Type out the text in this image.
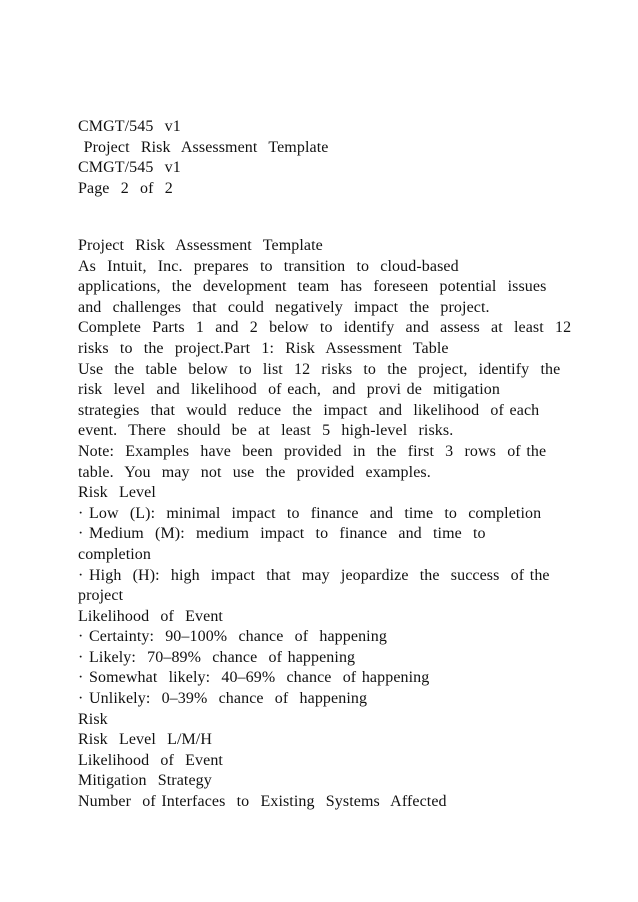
CMGT/545  v1
Project  Risk  Assessment  Template
CMGT/545  v1
Page  2  of  2
Project  Risk  Assessment  Template
As  Intuit,  Inc.  prepares  to  transition  to  cloud-based
applications,  the  development  team  has  foreseen  potential  issues
and  challenges  that  could  negatively  impact  the  project.
Complete  Parts  1  and  2  below  to  identify  and  assess  at  least  12
risks  to  the  project.Part  1:  Risk  Assessment  Table
Use  the  table  below  to  list  12  risks  to  the  project,  identify  the
risk  level  and  likelihood  of each,  and  provi de  mitigation
strategies  that  would  reduce  the  impact  and  likelihood  of each
event.  There  should  be  at  least  5  high-level  risks.
Note:  Examples  have  been  provided  in  the  first  3  rows  of the
table.  You  may  not  use  the  provided  examples.
Risk  Level
· Low  (L):  minimal  impact  to  finance  and  time  to  completion
· Medium  (M):  medium  impact  to  finance  and  time  to
completion
· High  (H):  high  impact  that  may  jeopardize  the  success  of the
project
Likelihood  of  Event
· Certainty:  90–100%  chance  of  happening
· Likely:  70–89%  chance  of happening
· Somewhat  likely:  40–69%  chance  of happening
· Unlikely:  0–39%  chance  of  happening
Risk
Risk  Level  L/M/H
Likelihood  of  Event
Mitigation  Strategy
Number  of Interfaces  to  Existing  Systems  Affected
